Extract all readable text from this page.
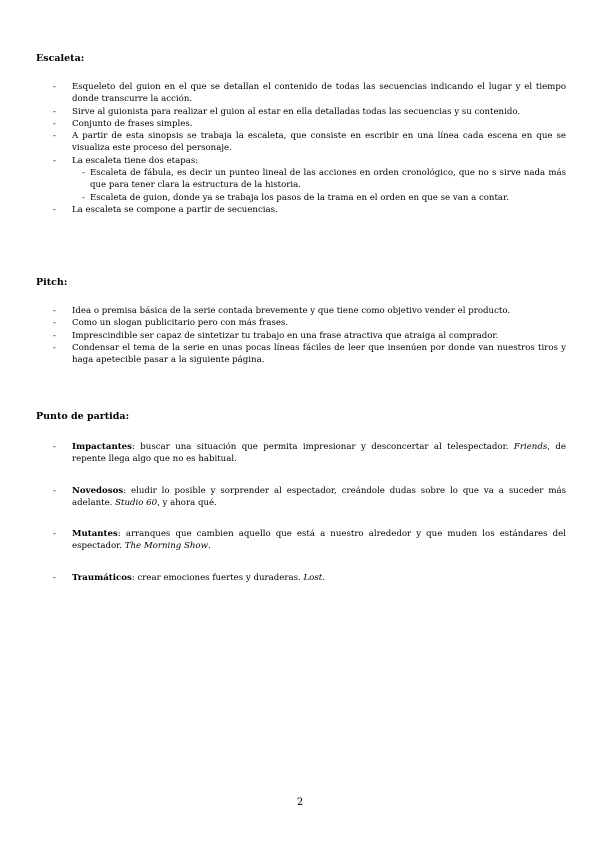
Escaleta:

- Esqueleto del guion en el que se detallan el contenido de todas las secuencias indicando el lugar y el tiempo donde transcurre la acción.
- Sirve al guionista para realizar el guion al estar en ella detalladas todas las secuencias y su contenido.
- Conjunto de frases simples.
- A partir de esta sinopsis se trabaja la escaleta, que consiste en escribir en una línea cada escena en que se visualiza este proceso del personaje.
- La escaleta tiene dos etapas:
- Escaleta de fábula, es decir un punteo lineal de las acciones en orden cronológico, que no s sirve nada más que para tener clara la estructura de la historia.
- Escaleta de guion, donde ya se trabaja los pasos de la trama en el orden en que se van a contar.
- La escaleta se compone a partir de secuencias.

Pitch:

- Idea o premisa básica de la serie contada brevemente y que tiene como objetivo vender el producto.
- Como un slogan publicitario pero con más frases.
- Imprescindible ser capaz de sintetizar tu trabajo en una frase atractiva que atraiga al comprador.
- Condensar el tema de la serie en unas pocas líneas fáciles de leer que insenúen por donde van nuestros tiros y haga apetecible pasar a la siguiente página.

Punto de partida:

- Impactantes: buscar una situación que permita impresionar y desconcertar al telespectador. Friends, de repente llega algo que no es habitual.
- Novedosos: eludir lo posible y sorprender al espectador, creándole dudas sobre lo que va a suceder más adelante. Studio 60, y ahora qué.
- Mutantes: arranques que cambien aquello que está a nuestro alrededor y que muden los estándares del espectador. The Morning Show.
- Traumáticos: crear emociones fuertes y duraderas. Lost.
2
